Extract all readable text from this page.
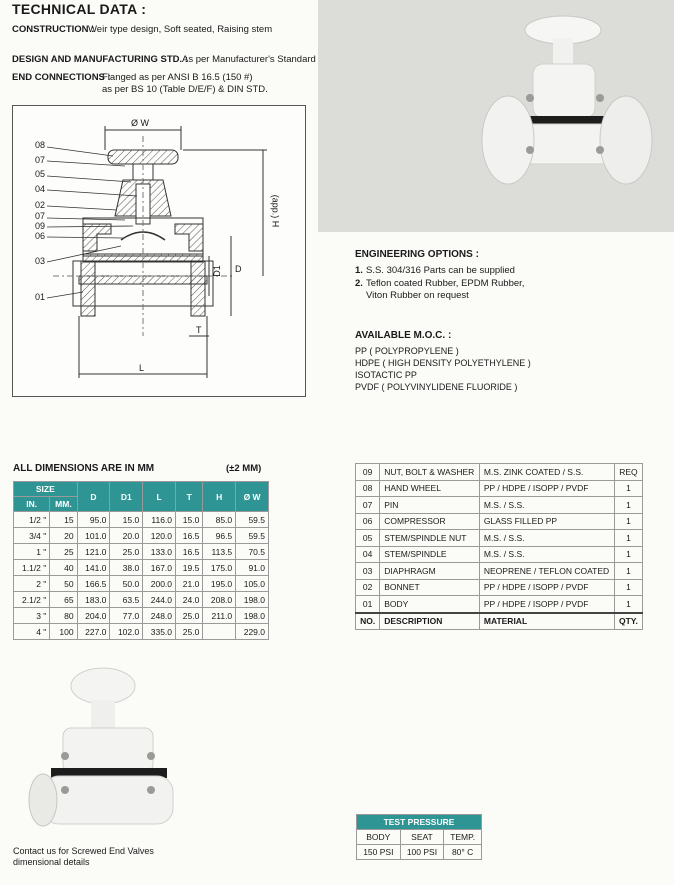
TECHNICAL DATA :
CONSTRUCTION :
Weir type design, Soft seated, Raising stem
DESIGN AND MANUFACTURING STD. :
As per Manufacturer's Standard
END CONNECTIONS :
Flanged as per ANSI B 16.5 (150 #)
as per BS 10 (Table D/E/F) & DIN STD.
08
07
05
04
02
07
09
06
03
01
Ø W
(app.) H
D1 D
T
L
ENGINEERING OPTIONS :
1. S.S. 304/316 Parts can be supplied
2. Teflon coated Rubber, EPDM Rubber,
Viton Rubber on request
AVAILABLE M.O.C. :
PP ( POLYPROPYLENE )
HDPE ( HIGH DENSITY POLYETHYLENE )
ISOTACTIC PP
PVDF ( POLYVINYLIDENE FLUORIDE )
ALL DIMENSIONS ARE IN MM	(±2 MM)
SIZE		D	D1	L	T	H	Ø W
IN.	MM.						
1/2 "	15	95.0	15.0	116.0	15.0	85.0	59.5
3/4 "	20	101.0	20.0	120.0	16.5	96.5	59.5
1 "	25	121.0	25.0	133.0	16.5	113.5	70.5
1.1/2 "	40	141.0	38.0	167.0	19.5	175.0	91.0
2 "	50	166.5	50.0	200.0	21.0	195.0	105.0
2.1/2 "	65	183.0	63.5	244.0	24.0	208.0	198.0
3 "	80	204.0	77.0	248.0	25.0	211.0	198.0
4 "	100	227.0	102.0	335.0	25.0		229.0
09	NUT, BOLT & WASHER	M.S. ZINK COATED / S.S.	REQ
08	HAND WHEEL	PP / HDPE / ISOPP / PVDF	1
07	PIN	M.S. / S.S.	1
06	COMPRESSOR	GLASS FILLED PP	1
05	STEM/SPINDLE NUT	M.S. / S.S.	1
04	STEM/SPINDLE	M.S. / S.S.	1
03	DIAPHRAGM	NEOPRENE / TEFLON COATED	1
02	BONNET	PP / HDPE / ISOPP / PVDF	1
01	BODY	PP / HDPE / ISOPP / PVDF	1
NO.	DESCRIPTION	MATERIAL	QTY.
Contact us for Screwed End Valves
dimensional details
TEST PRESSURE		
BODY	SEAT	TEMP.
150 PSI	100 PSI	80° C
